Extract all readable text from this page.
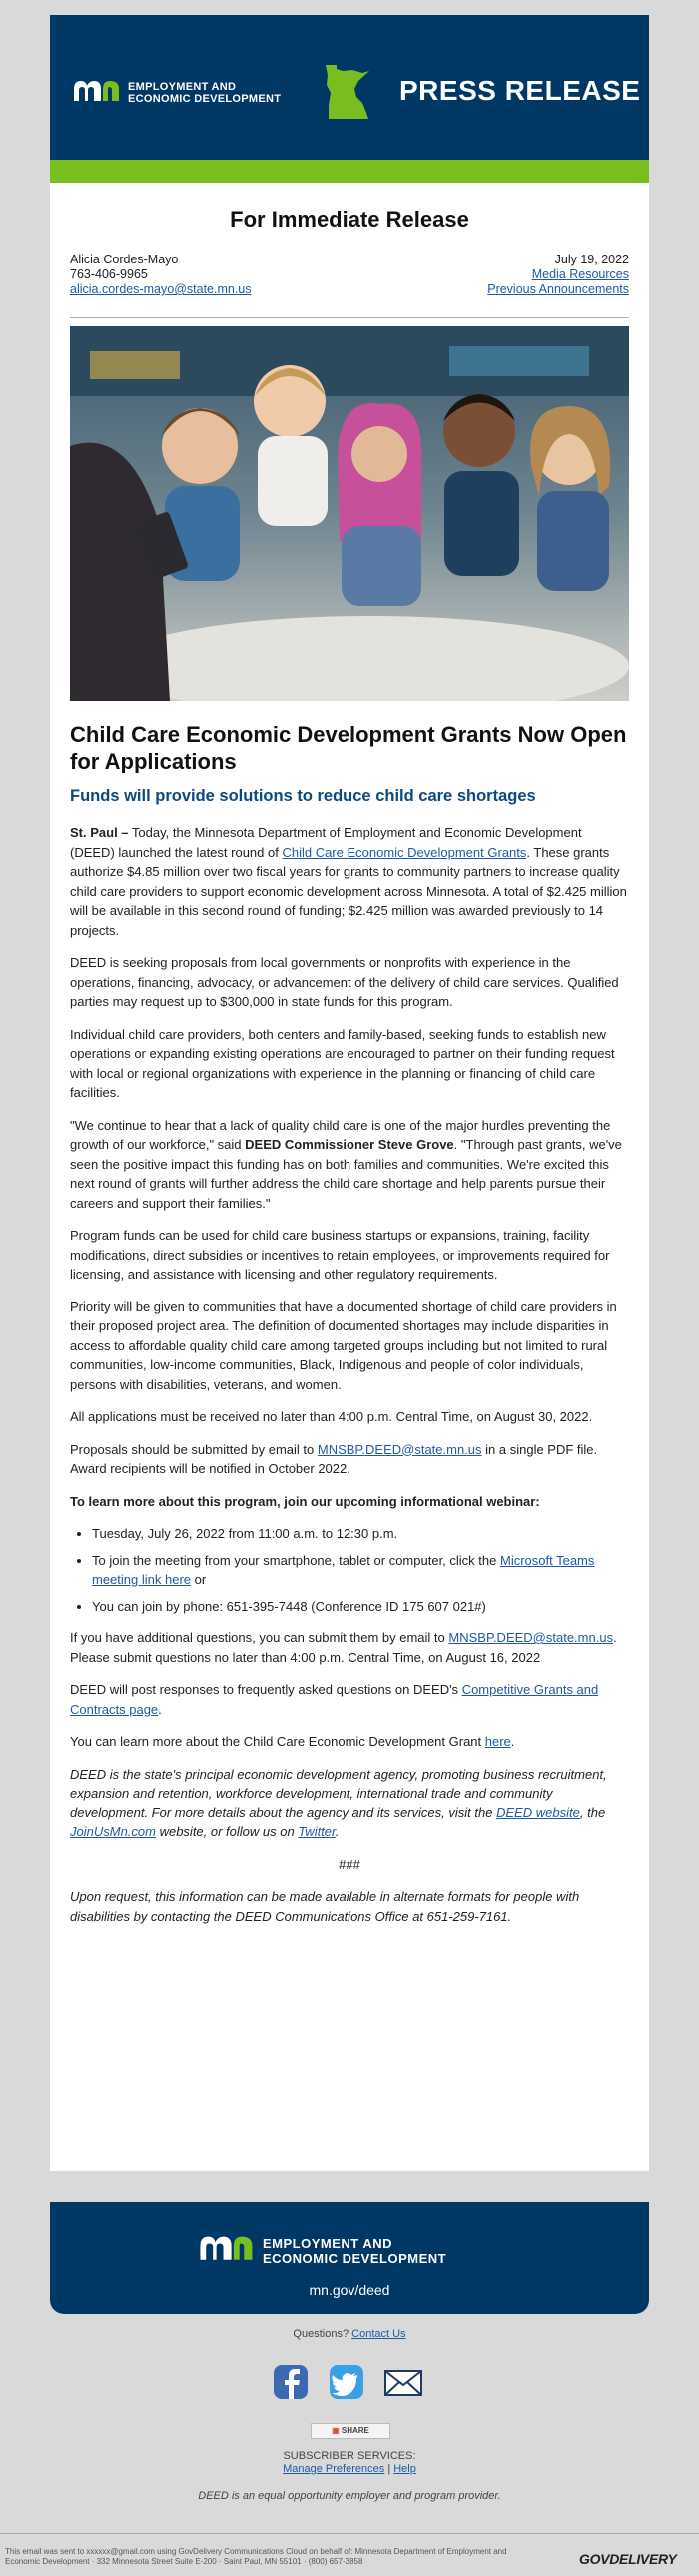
EMPLOYMENT AND
ECONOMIC DEVELOPMENT	PRESS RELEASE
For Immediate Release
Alicia Cordes-Mayo
763-406-9965
alicia.cordes-mayo@state.mn.us
July 19, 2022
Media Resources
Previous Announcements
Child Care Economic Development Grants Now Open for Applications
Funds will provide solutions to reduce child care shortages

St. Paul – Today, the Minnesota Department of Employment and Economic Development (DEED) launched the latest round of Child Care Economic Development Grants. These grants authorize $4.85 million over two fiscal years for grants to community partners to increase quality child care providers to support economic development across Minnesota. A total of $2.425 million will be available in this second round of funding; $2.425 million was awarded previously to 14 projects.

DEED is seeking proposals from local governments or nonprofits with experience in the operations, financing, advocacy, or advancement of the delivery of child care services. Qualified parties may request up to $300,000 in state funds for this program.

Individual child care providers, both centers and family-based, seeking funds to establish new operations or expanding existing operations are encouraged to partner on their funding request with local or regional organizations with experience in the planning or financing of child care facilities.

"We continue to hear that a lack of quality child care is one of the major hurdles preventing the growth of our workforce," said DEED Commissioner Steve Grove. "Through past grants, we've seen the positive impact this funding has on both families and communities. We're excited this next round of grants will further address the child care shortage and help parents pursue their careers and support their families."

Program funds can be used for child care business startups or expansions, training, facility modifications, direct subsidies or incentives to retain employees, or improvements required for licensing, and assistance with licensing and other regulatory requirements.

Priority will be given to communities that have a documented shortage of child care providers in their proposed project area. The definition of documented shortages may include disparities in access to affordable quality child care among targeted groups including but not limited to rural communities, low-income communities, Black, Indigenous and people of color individuals, persons with disabilities, veterans, and women.

All applications must be received no later than 4:00 p.m. Central Time, on August 30, 2022.

Proposals should be submitted by email to MNSBP.DEED@state.mn.us in a single PDF file. Award recipients will be notified in October 2022.

To learn more about this program, join our upcoming informational webinar:

• Tuesday, July 26, 2022 from 11:00 a.m. to 12:30 p.m.
• To join the meeting from your smartphone, tablet or computer, click the Microsoft Teams meeting link here or
• You can join by phone: 651-395-7448 (Conference ID 175 607 021#)

If you have additional questions, you can submit them by email to MNSBP.DEED@state.mn.us. Please submit questions no later than 4:00 p.m. Central Time, on August 16, 2022

DEED will post responses to frequently asked questions on DEED's Competitive Grants and Contracts page.

You can learn more about the Child Care Economic Development Grant here.

DEED is the state's principal economic development agency, promoting business recruitment, expansion and retention, workforce development, international trade and community development. For more details about the agency and its services, visit the DEED website, the JoinUsMn.com website, or follow us on Twitter.

###

Upon request, this information can be made available in alternate formats for people with disabilities by contacting the DEED Communications Office at 651-259-7161.

EMPLOYMENT AND
ECONOMIC DEVELOPMENT
mn.gov/deed
Questions? Contact Us
▣ SHARE
SUBSCRIBER SERVICES:
Manage Preferences | Help
DEED is an equal opportunity employer and program provider.
This email was sent to xxxxxx@gmail.com using GovDelivery Communications Cloud on behalf of: Minnesota Department of Employment and Economic Development · 332 Minnesota Street Suite E-200 · Saint Paul, MN 55101 · (800) 657-3858	GOVDELIVERY
